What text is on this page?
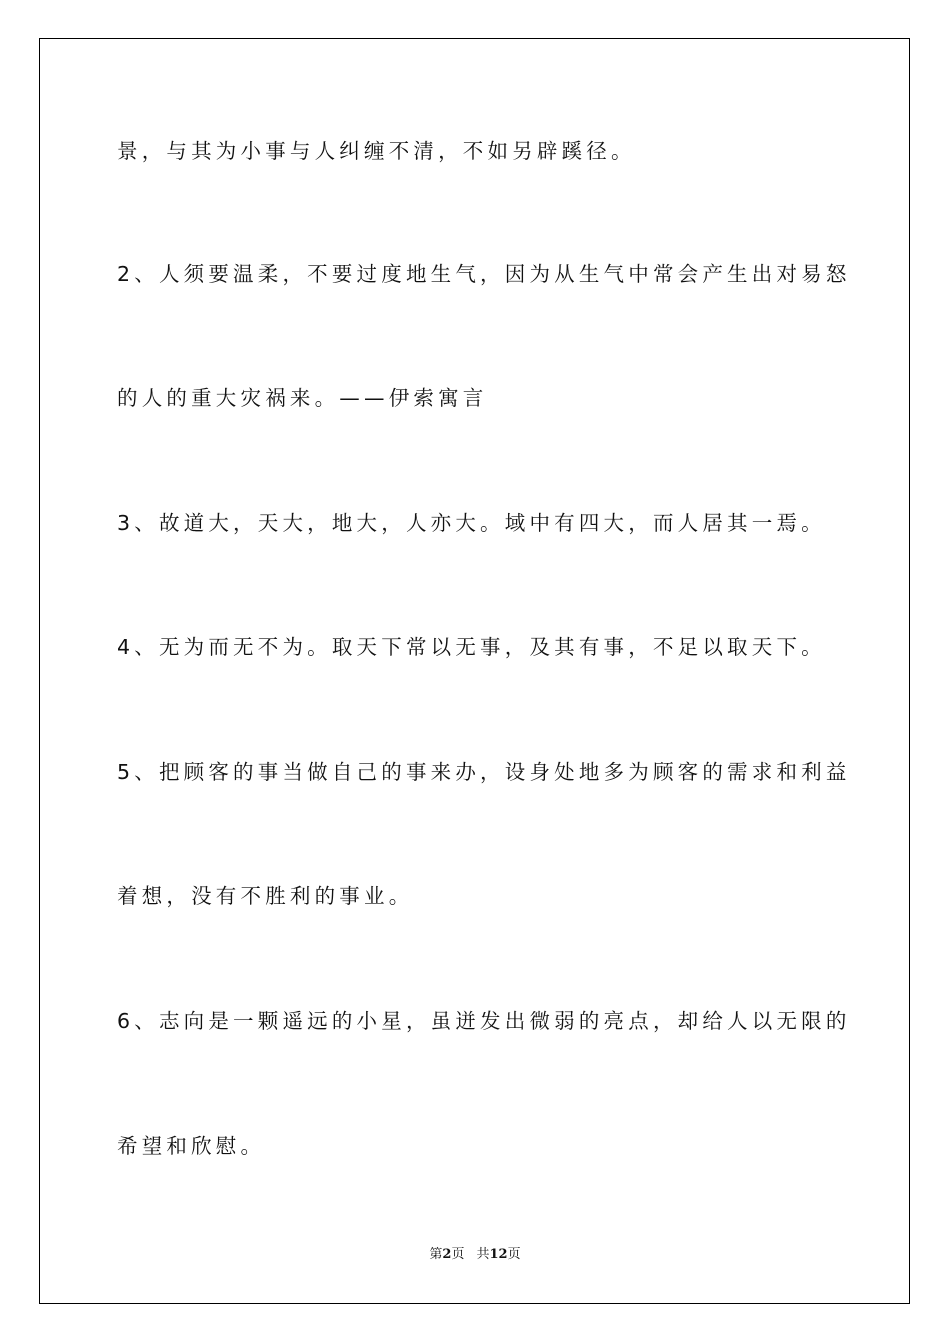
景，与其为小事与人纠缠不清，不如另辟蹊径。
2、人须要温柔，不要过度地生气，因为从生气中常会产生出对易怒
的人的重大灾祸来。——伊索寓言
3、故道大，天大，地大，人亦大。域中有四大，而人居其一焉。
4、无为而无不为。取天下常以无事，及其有事，不足以取天下。
5、把顾客的事当做自己的事来办，设身处地多为顾客的需求和利益
着想，没有不胜利的事业。
6、志向是一颗遥远的小星，虽迸发出微弱的亮点，却给人以无限的
希望和欣慰。
第2页 共12页
